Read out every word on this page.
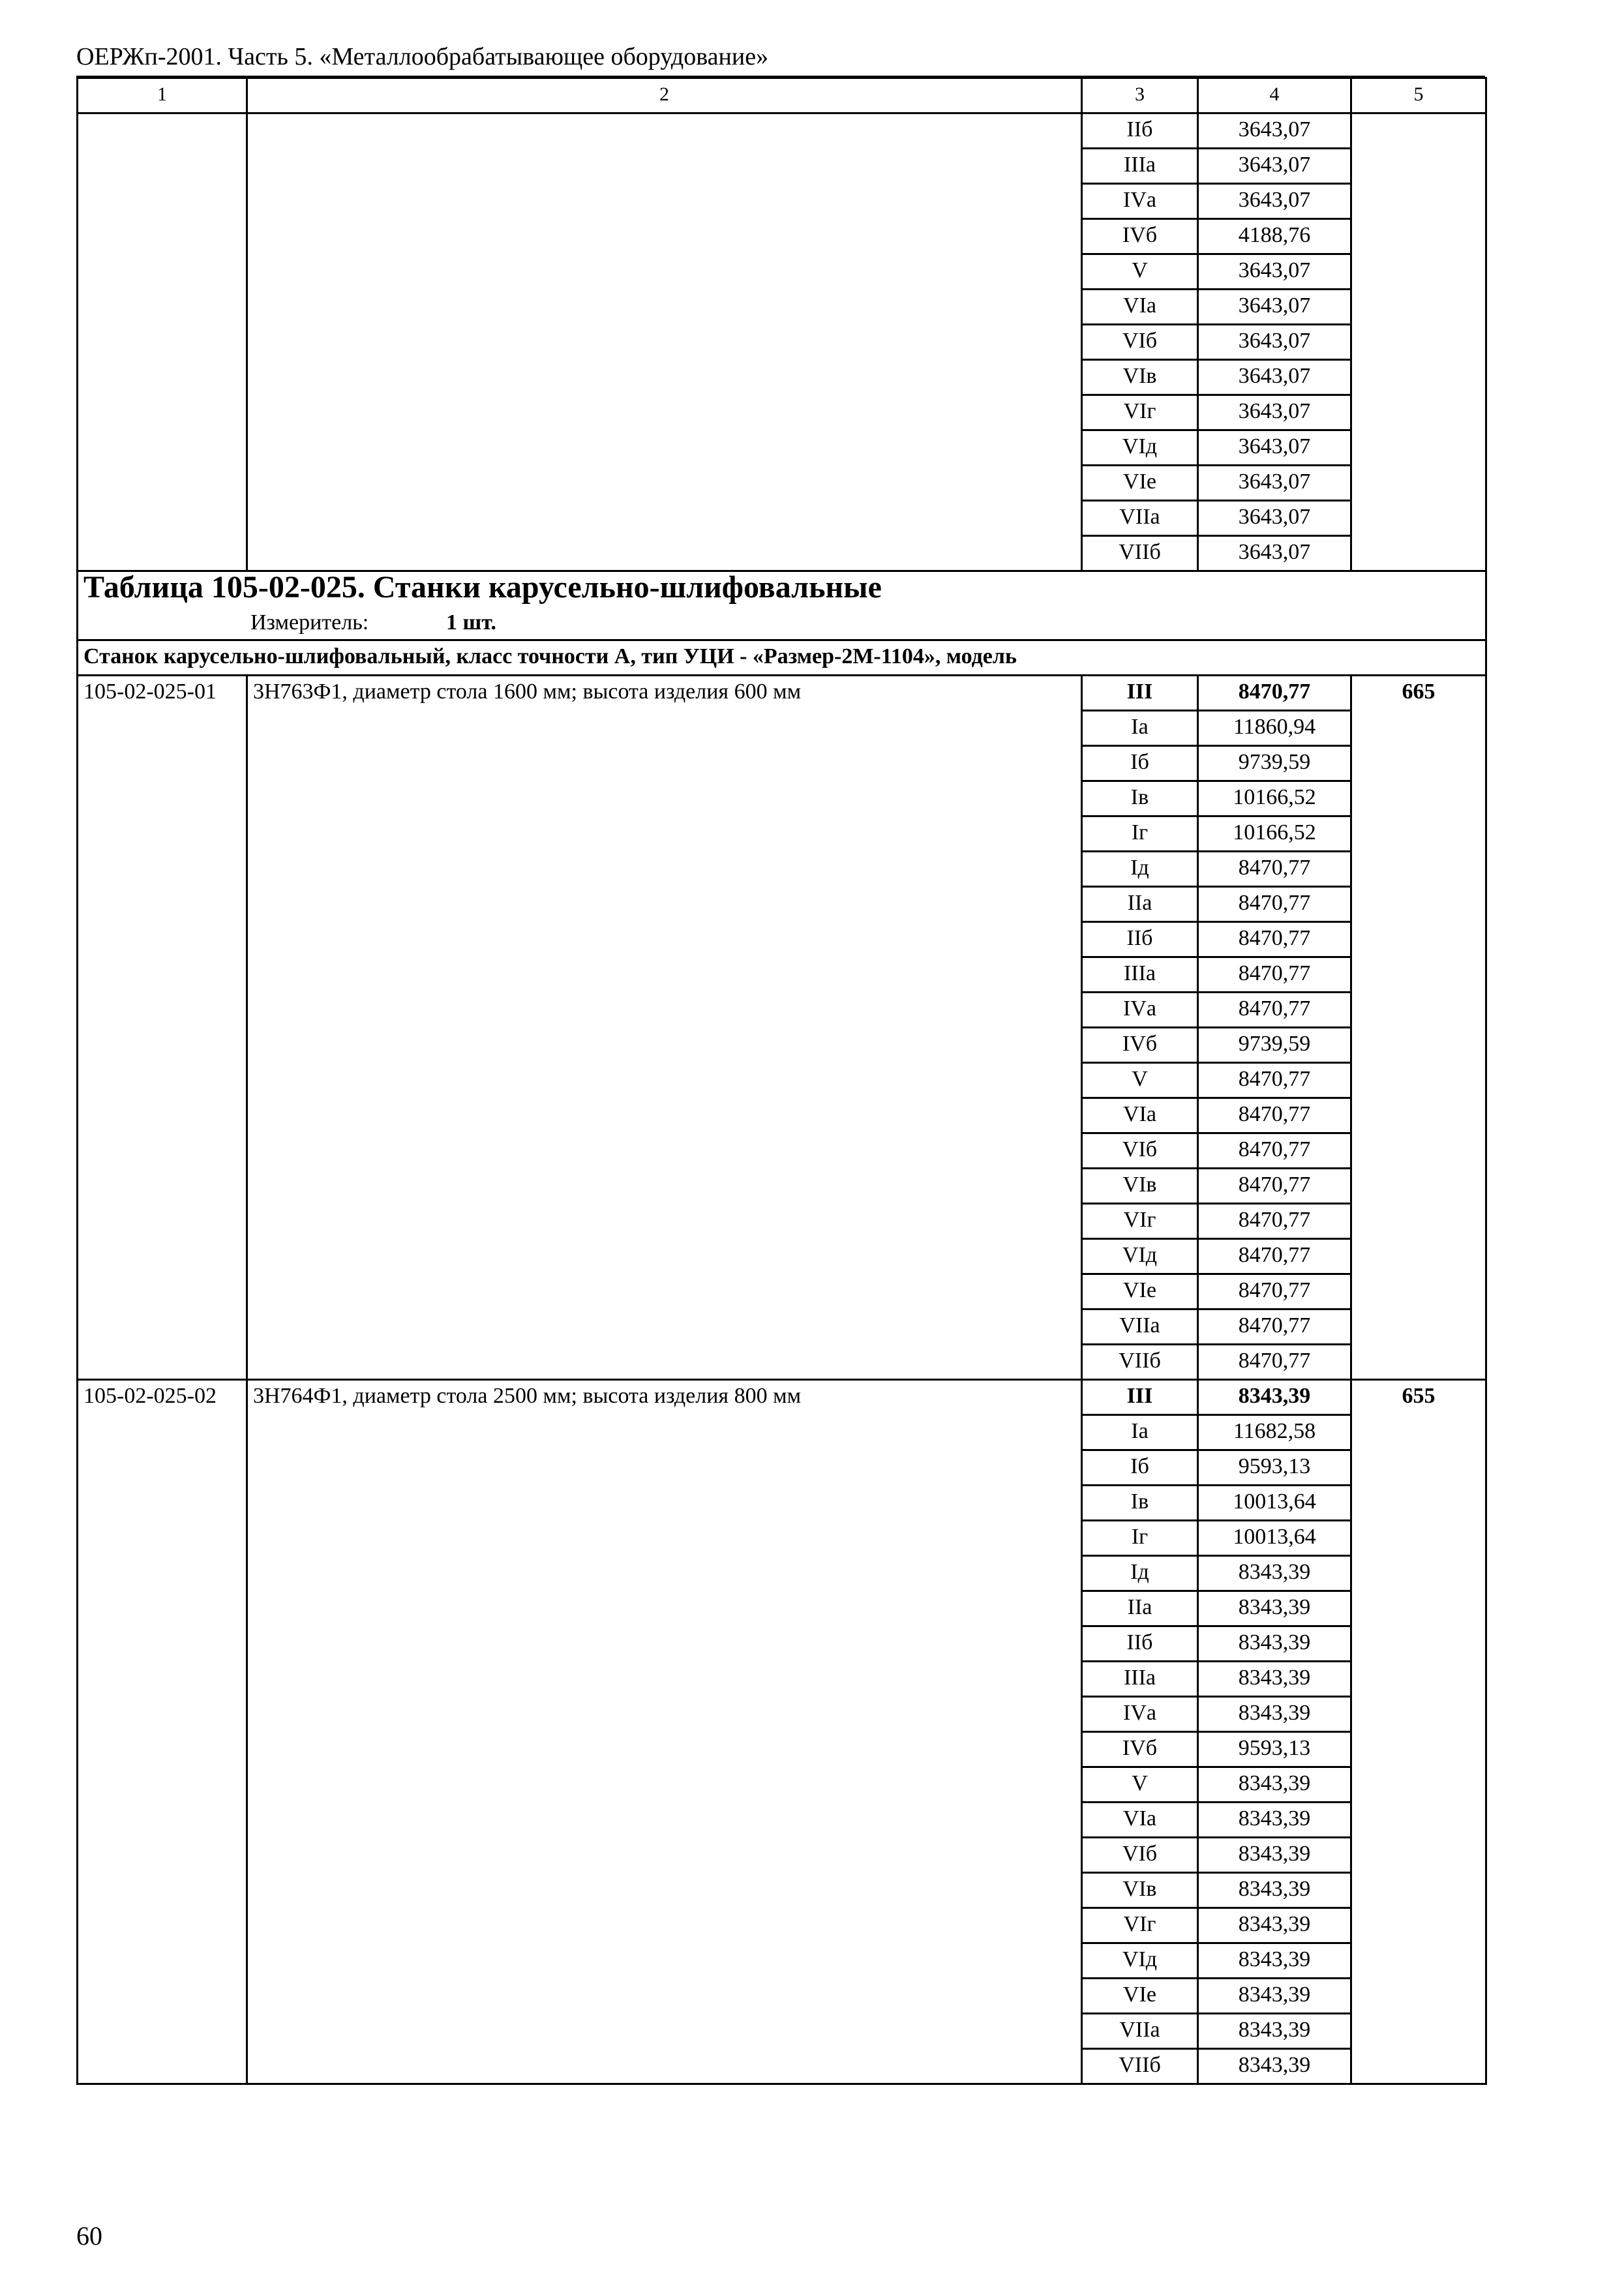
ОЕРЖп-2001. Часть 5. «Металлообрабатывающее оборудование»
1	2	3	4	5
		IIб	3643,07	
		IIIа	3643,07	
		IVа	3643,07	
		IVб	4188,76	
		V	3643,07	
		VIа	3643,07	
		VIб	3643,07	
		VIв	3643,07	
		VIг	3643,07	
		VIд	3643,07	
		VIе	3643,07	
		VIIа	3643,07	
		VIIб	3643,07	
Таблица 105-02-025. Станки карусельно-шлифовальные
Измеритель: 1 шт.				

Станок карусельно-шлифовальный, класс точности А, тип УЦИ - «Размер-2М-1104», модель				
105-02-025-01	3Н763Ф1, диаметр стола 1600 мм; высота изделия 600 мм	III	8470,77	665
		Iа	11860,94	
		Iб	9739,59	
		Iв	10166,52	
		Iг	10166,52	
		Iд	8470,77	
		IIа	8470,77	
		IIб	8470,77	
		IIIа	8470,77	
		IVа	8470,77	
		IVб	9739,59	
		V	8470,77	
		VIа	8470,77	
		VIб	8470,77	
		VIв	8470,77	
		VIг	8470,77	
		VIд	8470,77	
		VIе	8470,77	
		VIIа	8470,77	
		VIIб	8470,77	
105-02-025-02	3Н764Ф1, диаметр стола 2500 мм; высота изделия 800 мм	III	8343,39	655
		Iа	11682,58	
		Iб	9593,13	
		Iв	10013,64	
		Iг	10013,64	
		Iд	8343,39	
		IIа	8343,39	
		IIб	8343,39	
		IIIа	8343,39	
		IVа	8343,39	
		IVб	9593,13	
		V	8343,39	
		VIа	8343,39	
		VIб	8343,39	
		VIв	8343,39	
		VIг	8343,39	
		VIд	8343,39	
		VIе	8343,39	
		VIIа	8343,39	
		VIIб	8343,39	
60
